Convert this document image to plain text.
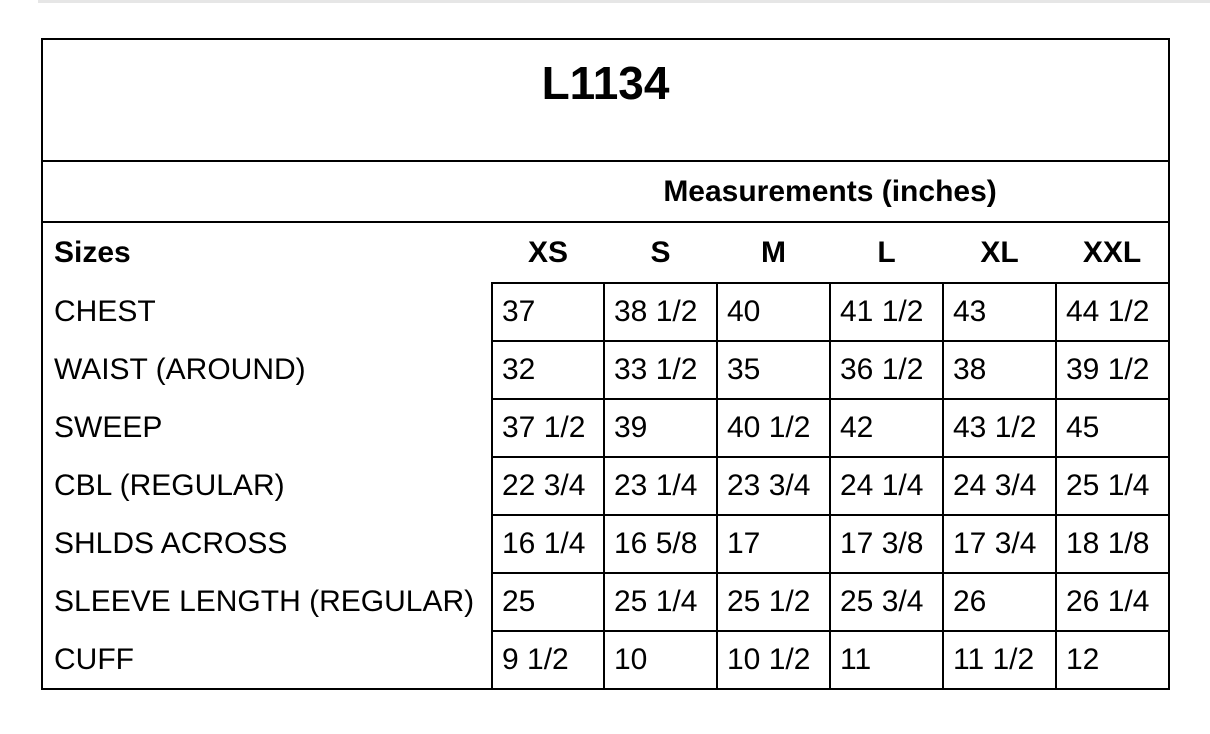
L1134						

	Measurements (inches)					
Sizes	XS	S	M	L	XL	XXL
CHEST	37	38 1/2	40	41 1/2	43	44 1/2
WAIST (AROUND)	32	33 1/2	35	36 1/2	38	39 1/2
SWEEP	37 1/2	39	40 1/2	42	43 1/2	45
CBL (REGULAR)	22 3/4	23 1/4	23 3/4	24 1/4	24 3/4	25 1/4
SHLDS ACROSS	16 1/4	16 5/8	17	17 3/8	17 3/4	18 1/8
SLEEVE LENGTH (REGULAR)	25	25 1/4	25 1/2	25 3/4	26	26 1/4
CUFF	9 1/2	10	10 1/2	11	11 1/2	12
